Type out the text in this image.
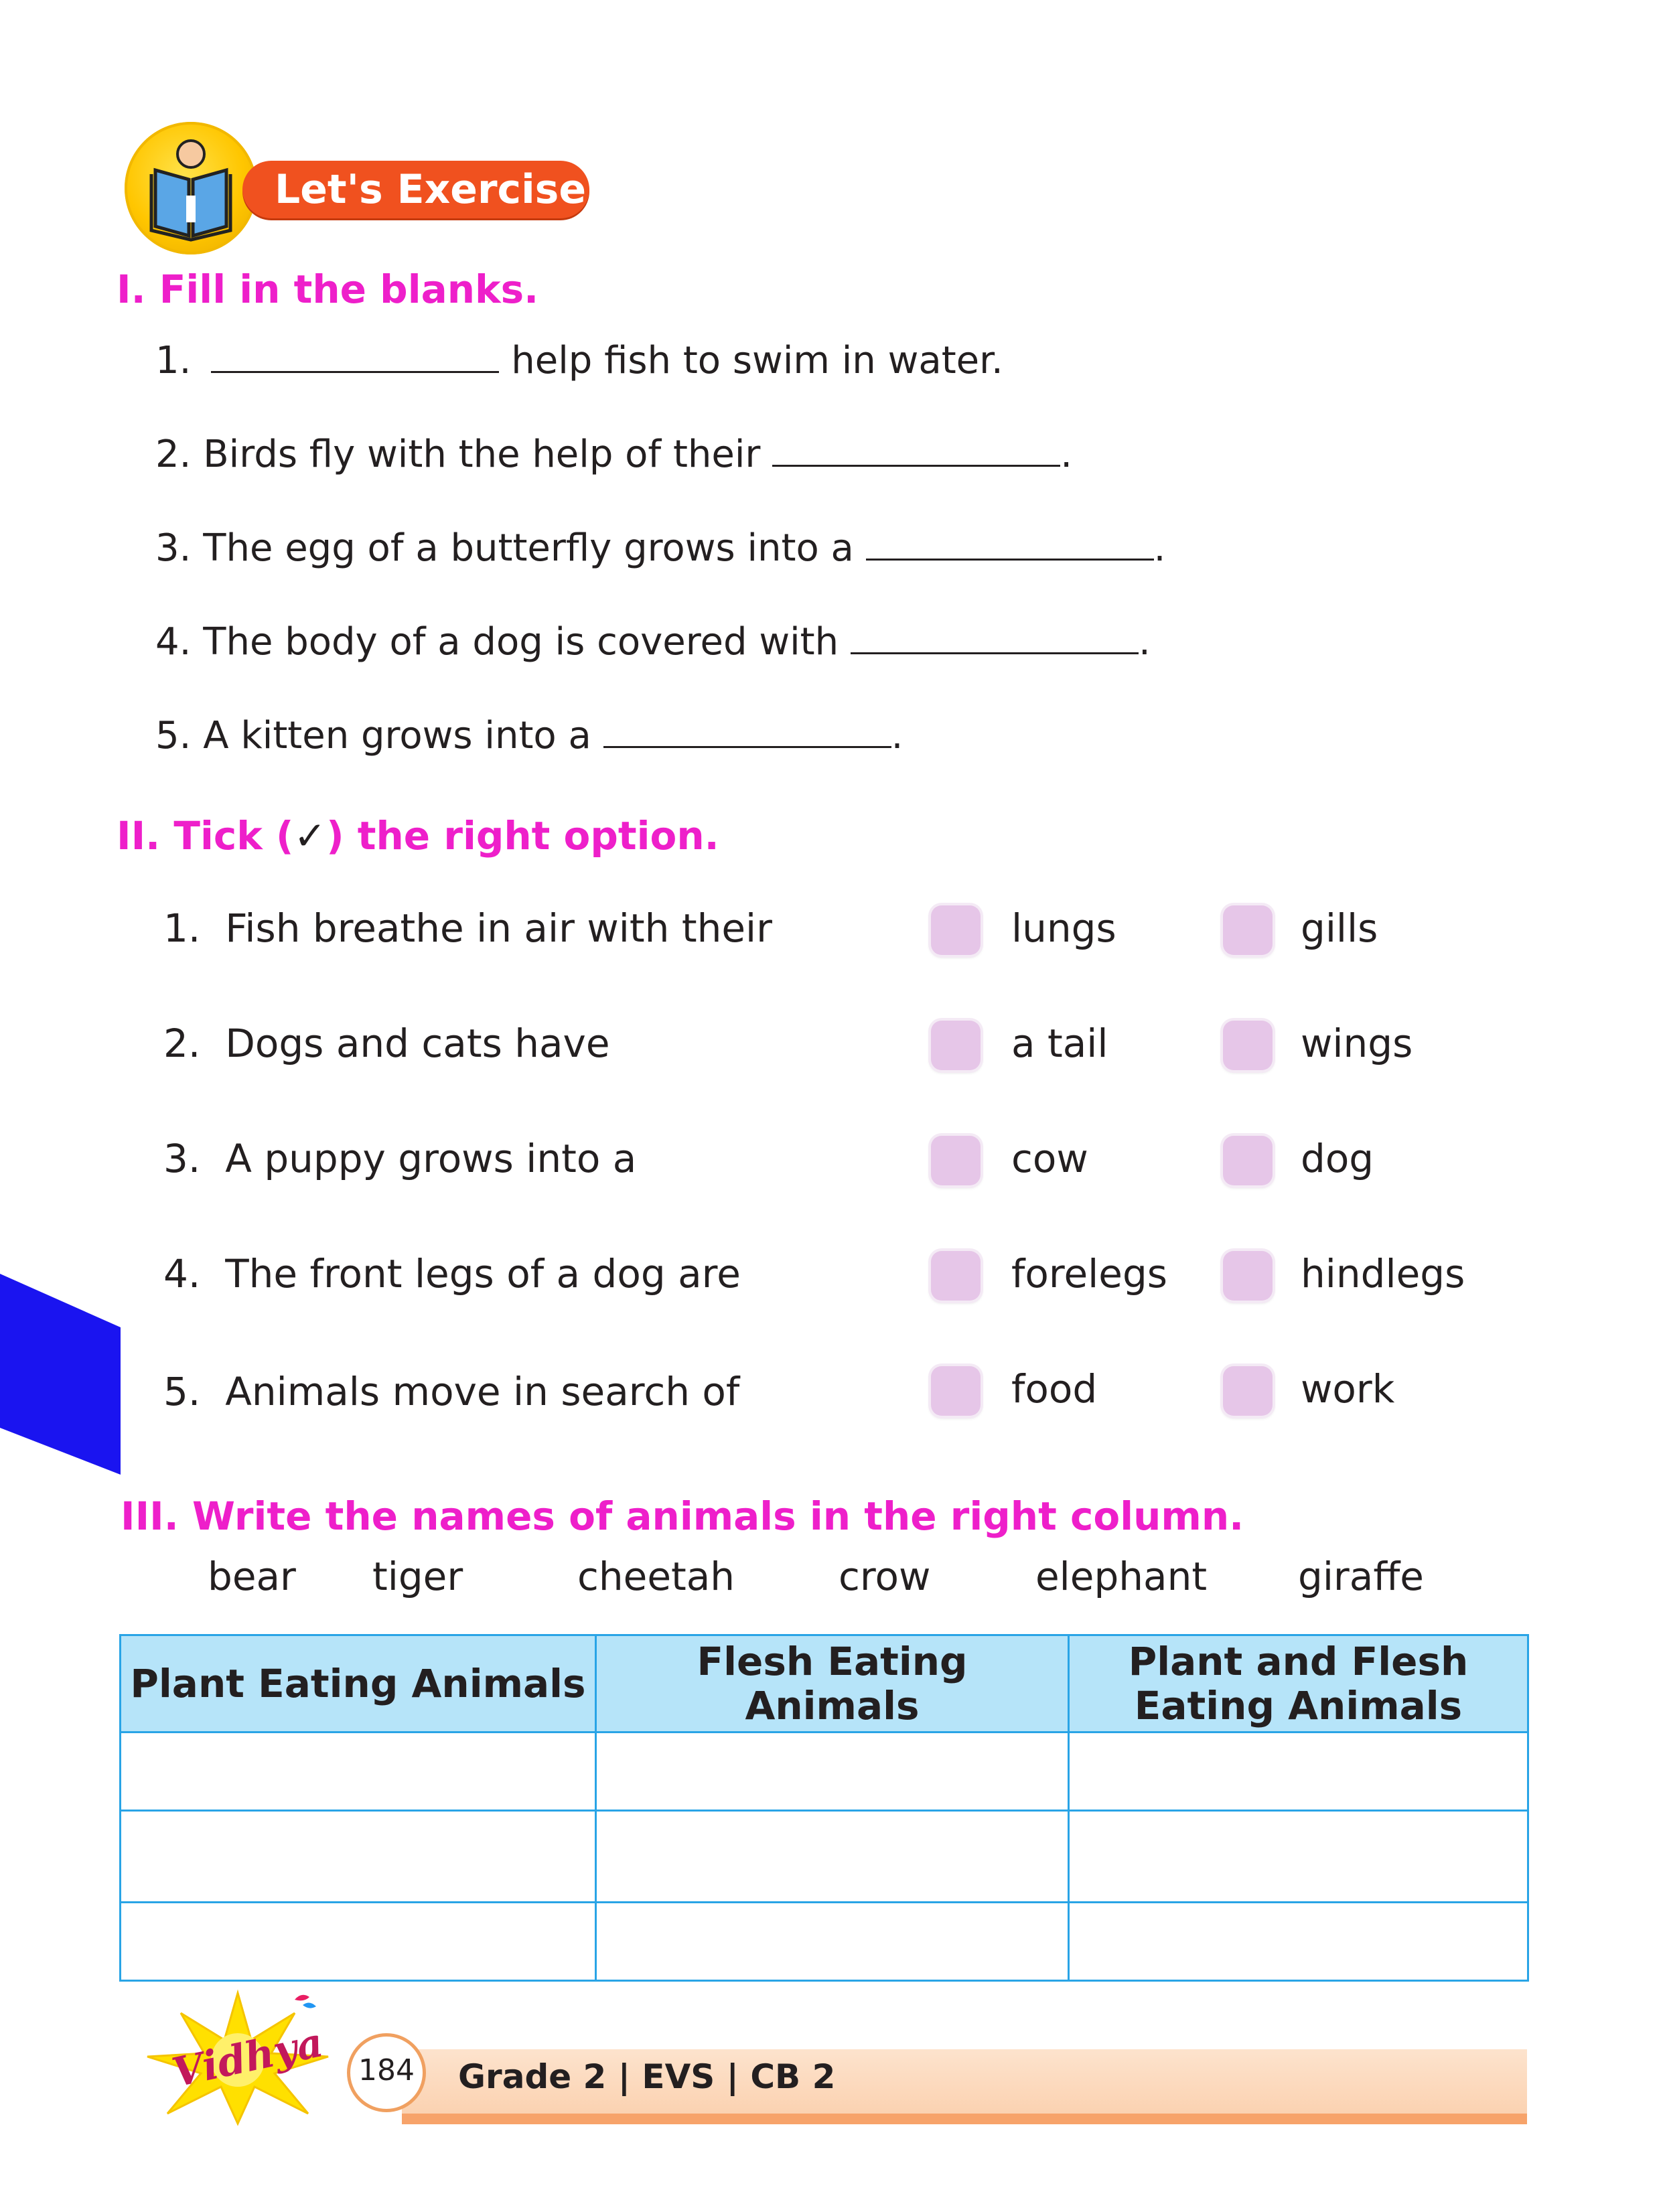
Let's Exercise
I. Fill in the blanks.
1.	help fish to swim in water.
2. Birds fly with the help of their	.
3. The egg of a butterfly grows into a	.
4. The body of a dog is covered with	.
5. A kitten grows into a	.
II. Tick (✓) the right option.
1. Fish breathe in air with their	lungs	gills
2. Dogs and cats have	a tail	wings
3. A puppy grows into a	cow	dog
4. The front legs of a dog are	forelegs	hindlegs
5. Animals move in search of	food	work
III. Write the names of animals in the right column.
bear tiger	cheetah	crow	elephant giraffe
Plant Eating Animals	Flesh Eating Animals	Plant and Flesh Eating Animals

Vidhya	184	Grade 2 | EVS | CB 2
